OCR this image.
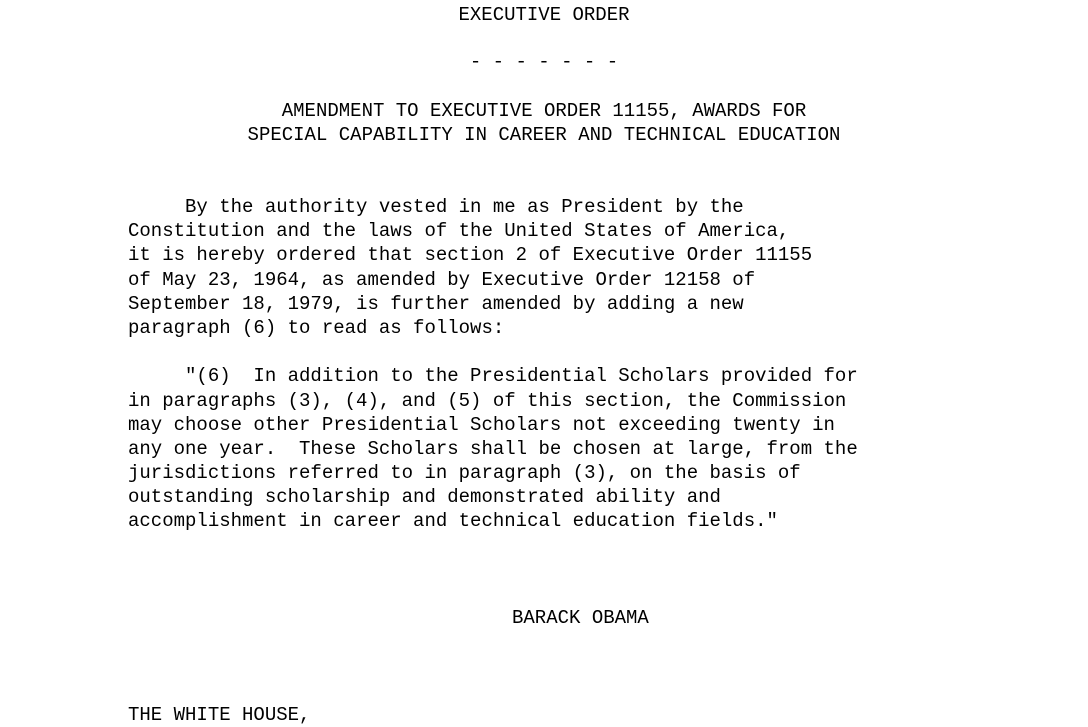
EXECUTIVE ORDER
- - - - - - -
AMENDMENT TO EXECUTIVE ORDER 11155, AWARDS FOR
SPECIAL CAPABILITY IN CAREER AND TECHNICAL EDUCATION
By the authority vested in me as President by the
Constitution and the laws of the United States of America,
it is hereby ordered that section 2 of Executive Order 11155
of May 23, 1964, as amended by Executive Order 12158 of
September 18, 1979, is further amended by adding a new
paragraph (6) to read as follows:
"(6)  In addition to the Presidential Scholars provided for
in paragraphs (3), (4), and (5) of this section, the Commission
may choose other Presidential Scholars not exceeding twenty in
any one year.  These Scholars shall be chosen at large, from the
jurisdictions referred to in paragraph (3), on the basis of
outstanding scholarship and demonstrated ability and
accomplishment in career and technical education fields."
BARACK OBAMA
THE WHITE HOUSE,
